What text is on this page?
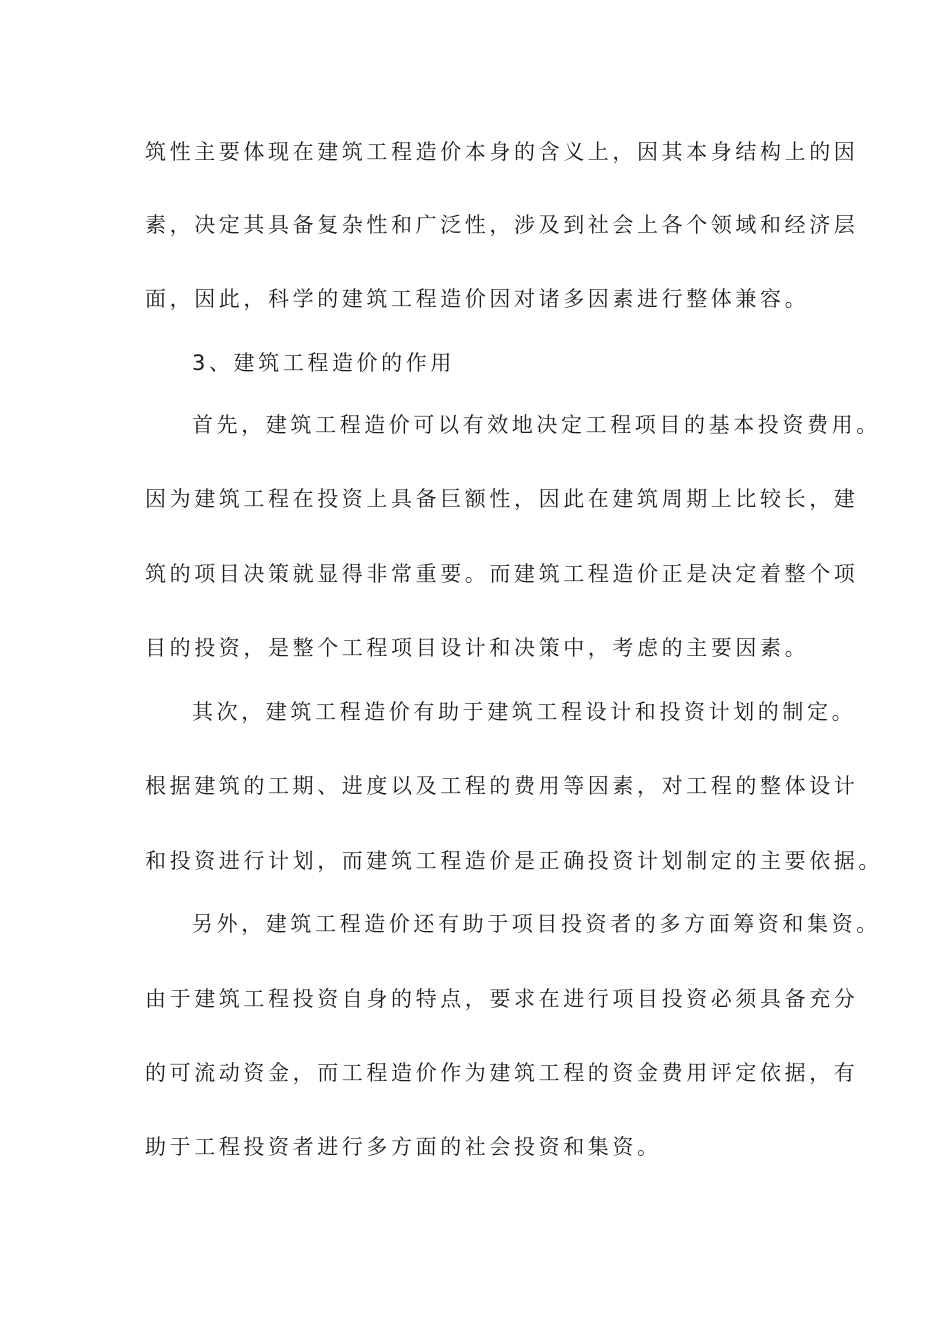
筑性主要体现在建筑工程造价本身的含义上，因其本身结构上的因
素，决定其具备复杂性和广泛性，涉及到社会上各个领域和经济层
面，因此，科学的建筑工程造价因对诸多因素进行整体兼容。
3、建筑工程造价的作用
首先，建筑工程造价可以有效地决定工程项目的基本投资费用。
因为建筑工程在投资上具备巨额性，因此在建筑周期上比较长，建
筑的项目决策就显得非常重要。而建筑工程造价正是决定着整个项
目的投资，是整个工程项目设计和决策中，考虑的主要因素。
其次，建筑工程造价有助于建筑工程设计和投资计划的制定。
根据建筑的工期、进度以及工程的费用等因素，对工程的整体设计
和投资进行计划，而建筑工程造价是正确投资计划制定的主要依据。
另外，建筑工程造价还有助于项目投资者的多方面筹资和集资。
由于建筑工程投资自身的特点，要求在进行项目投资必须具备充分
的可流动资金，而工程造价作为建筑工程的资金费用评定依据，有
助于工程投资者进行多方面的社会投资和集资。
